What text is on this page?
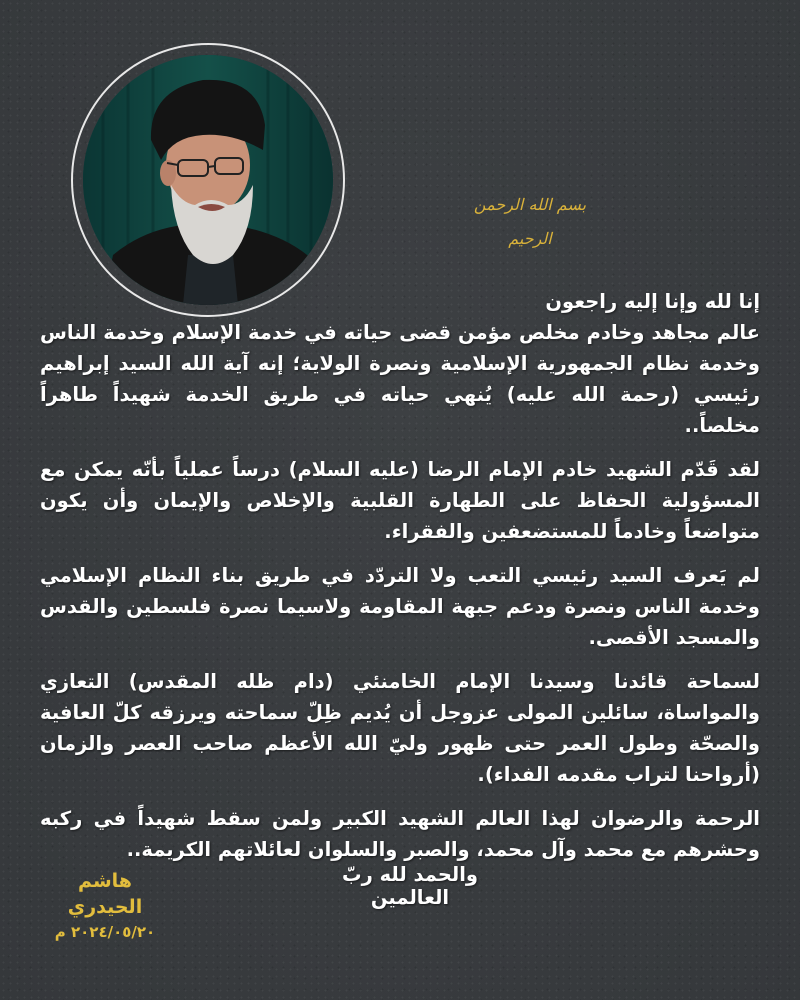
بسم الله الرحمن الرحيم

إنا لله وإنا إليه راجعون

عالم مجاهد وخادم مخلص مؤمن قضى حياته في خدمة الإسلام وخدمة الناس وخدمة نظام الجمهورية الإسلامية ونصرة الولاية؛ إنه آية الله السيد إبراهيم رئيسي (رحمة الله عليه) يُنهي حياته في طريق الخدمة شهيداً طاهراً مخلصاً..

لقد قَدّم الشهيد خادم الإمام الرضا (عليه السلام) درساً عملياً بأنّه يمكن مع المسؤولية الحفاظ على الطهارة القلبية والإخلاص والإيمان وأن يكون متواضعاً وخادماً للمستضعفين والفقراء.

لم يَعرف السيد رئيسي التعب ولا التردّد في طريق بناء النظام الإسلامي وخدمة الناس ونصرة ودعم جبهة المقاومة ولاسيما نصرة فلسطين والقدس والمسجد الأقصى.

لسماحة قائدنا وسيدنا الإمام الخامنئي (دام ظله المقدس) التعازي والمواساة، سائلين المولى عزوجل أن يُديم ظِلّ سماحته ويرزقه كلّ العافية والصحّة وطول العمر حتى ظهور وليّ الله الأعظم صاحب العصر والزمان (أرواحنا لتراب مقدمه الفداء).

الرحمة والرضوان لهذا العالم الشهيد الكبير ولمن سقط شهيداً في ركبه وحشرهم مع محمد وآل محمد، والصبر والسلوان لعائلاتهم الكريمة..

والحمد لله ربّ العالمين
هاشم الحيدري
٢٠٢٤/٠٥/٢٠ م
